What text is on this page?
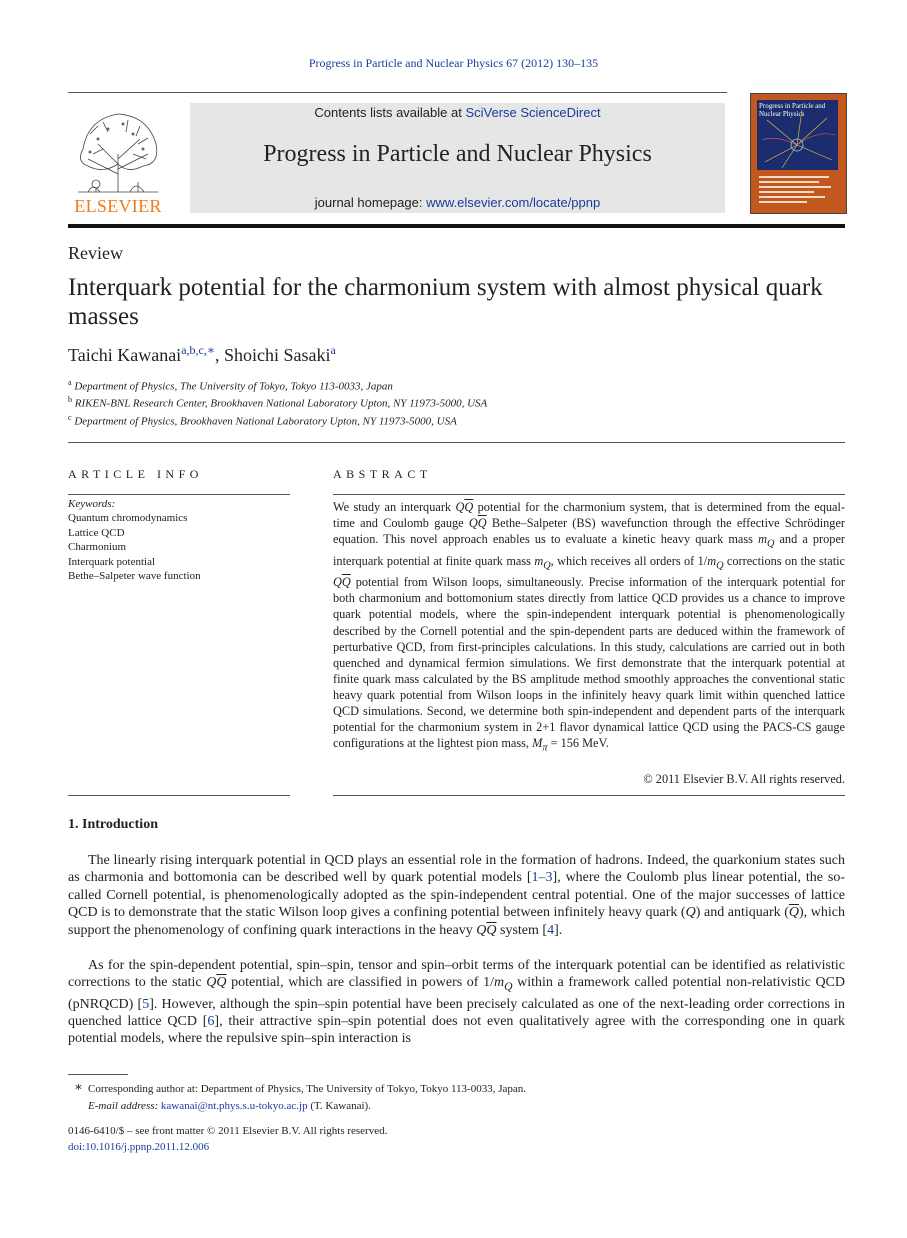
Progress in Particle and Nuclear Physics 67 (2012) 130–135
ELSEVIER
Contents lists available at SciVerse ScienceDirect
Progress in Particle and Nuclear Physics
journal homepage: www.elsevier.com/locate/ppnp
Progress in Particle and Nuclear Physics
Review
Interquark potential for the charmonium system with almost physical quark masses
Taichi Kawanai$^{a,b,c,∗}$, Shoichi Sasaki$^a$
$^a$ Department of Physics, The University of Tokyo, Tokyo 113-0033, Japan
$^b$ RIKEN-BNL Research Center, Brookhaven National Laboratory Upton, NY 11973-5000, USA
$^c$ Department of Physics, Brookhaven National Laboratory Upton, NY 11973-5000, USA
ARTICLE INFO
Keywords:
Quantum chromodynamics
Lattice QCD
Charmonium
Interquark potential
Bethe–Salpeter wave function
ABSTRACT
We study an interquark $Q\overline{Q}$ potential for the charmonium system, that is determined from the equal-time and Coulomb gauge $Q\overline{Q}$ Bethe–Salpeter (BS) wavefunction through the effective Schrödinger equation. This novel approach enables us to evaluate a kinetic heavy quark mass $m_Q$ and a proper interquark potential at finite quark mass $m_Q$, which receives all orders of $1/m_Q$ corrections on the static $Q\overline{Q}$ potential from Wilson loops, simultaneously. Precise information of the interquark potential for both charmonium and bottomonium states directly from lattice QCD provides us a chance to improve quark potential models, where the spin-independent interquark potential is phenomenologically described by the Cornell potential and the spin-dependent parts are deduced within the framework of perturbative QCD, from first-principles calculations. In this study, calculations are carried out in both quenched and dynamical fermion simulations. We first demonstrate that the interquark potential at finite quark mass calculated by the BS amplitude method smoothly approaches the conventional static heavy quark potential from Wilson loops in the infinitely heavy quark limit within quenched lattice QCD simulations. Second, we determine both spin-independent and dependent parts of the interquark potential for the charmonium system in 2+1 flavor dynamical lattice QCD using the PACS-CS gauge configurations at the lightest pion mass, $M_\pi = 156$ MeV.
© 2011 Elsevier B.V. All rights reserved.
1. Introduction
The linearly rising interquark potential in QCD plays an essential role in the formation of hadrons. Indeed, the quarkonium states such as charmonia and bottomonia can be described well by quark potential models [1–3], where the Coulomb plus linear potential, the so-called Cornell potential, is phenomenologically adopted as the spin-independent central potential. One of the major successes of lattice QCD is to demonstrate that the static Wilson loop gives a confining potential between infinitely heavy quark (Q) and antiquark $(\overline{Q})$, which support the phenomenology of confining quark interactions in the heavy $Q\overline{Q}$ system [4].
As for the spin-dependent potential, spin–spin, tensor and spin–orbit terms of the interquark potential can be identified as relativistic corrections to the static $Q\overline{Q}$ potential, which are classified in powers of $1/m_Q$ within a framework called potential non-relativistic QCD (pNRQCD) [5]. However, although the spin–spin potential have been precisely calculated as one of the next-leading order corrections in quenched lattice QCD [6], their attractive spin–spin potential does not even qualitatively agree with the corresponding one in quark potential models, where the repulsive spin–spin interaction is
∗ Corresponding author at: Department of Physics, The University of Tokyo, Tokyo 113-0033, Japan.
E-mail address: kawanai@nt.phys.s.u-tokyo.ac.jp (T. Kawanai).
0146-6410/$ – see front matter © 2011 Elsevier B.V. All rights reserved.
doi:10.1016/j.ppnp.2011.12.006
